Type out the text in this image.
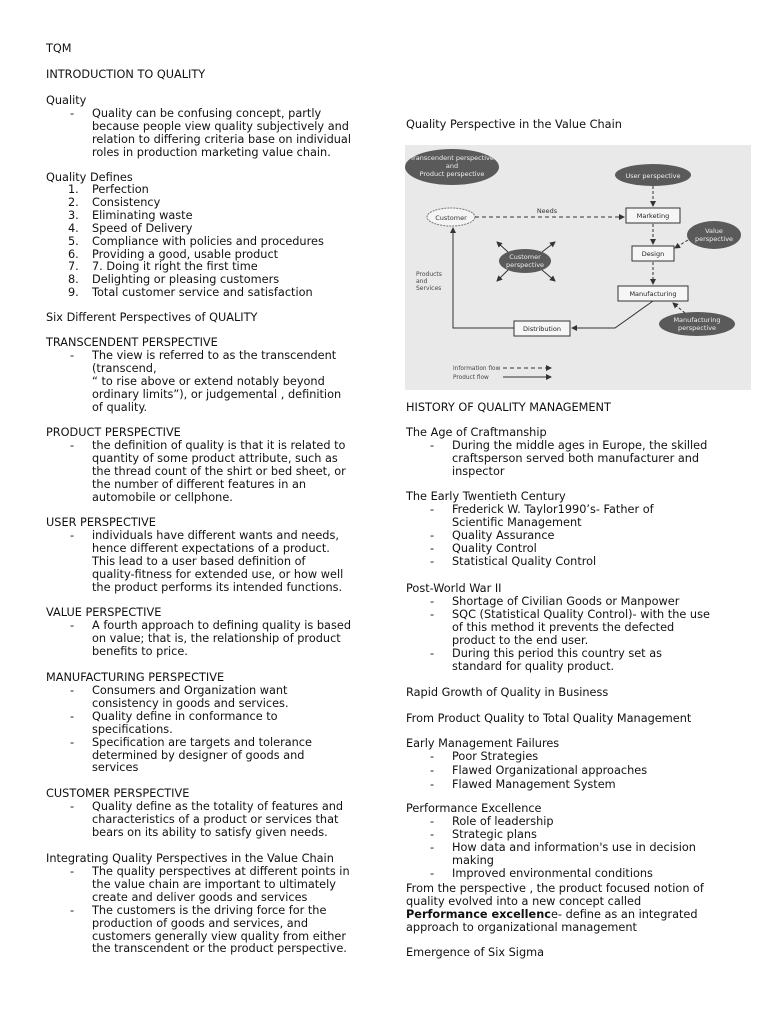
TQM
INTRODUCTION TO QUALITY
Quality
- Quality can be confusing concept, partly
because people view quality subjectively and
relation to differing criteria base on individual
roles in production marketing value chain.
Quality Defines
1. Perfection
2. Consistency
3. Eliminating waste
4. Speed of Delivery
5. Compliance with policies and procedures
6. Providing a good, usable product
7. 7. Doing it right the first time
8. Delighting or pleasing customers
9. Total customer service and satisfaction
Six Different Perspectives of QUALITY
TRANSCENDENT PERSPECTIVE
- The view is referred to as the transcendent
(transcend,
“ to rise above or extend notably beyond
ordinary limits”), or judgemental , definition
of quality.
PRODUCT PERSPECTIVE
- the definition of quality is that it is related to
quantity of some product attribute, such as
the thread count of the shirt or bed sheet, or
the number of different features in an
automobile or cellphone.
USER PERSPECTIVE
- individuals have different wants and needs,
hence different expectations of a product.
This lead to a user based definition of
quality-fitness for extended use, or how well
the product performs its intended functions.
VALUE PERSPECTIVE
- A fourth approach to defining quality is based
on value; that is, the relationship of product
benefits to price.
MANUFACTURING PERSPECTIVE
- Consumers and Organization want
consistency in goods and services.
- Quality define in conformance to
specifications.
- Specification are targets and tolerance
determined by designer of goods and
services
CUSTOMER PERSPECTIVE
- Quality define as the totality of features and
characteristics of a product or services that
bears on its ability to satisfy given needs.
Integrating Quality Perspectives in the Value Chain
- The quality perspectives at different points in
the value chain are important to ultimately
create and deliver goods and services
- The customers is the driving force for the
production of goods and services, and
customers generally view quality from either
the transcendent or the product perspective.
Quality Perspective in the Value Chain
Transcendent perspective
and
Product perspective	User perspective
Customer
Needs
Marketing
Value
perspective
Design
Customer
perspective
Products
and
Services
Manufacturing
Manufacturing
perspective
Distribution
Information flow
Product flow
HISTORY OF QUALITY MANAGEMENT
The Age of Craftmanship
- During the middle ages in Europe, the skilled
craftsperson served both manufacturer and
inspector
The Early Twentieth Century
- Frederick W. Taylor1990’s- Father of
Scientific Management
- Quality Assurance
- Quality Control
- Statistical Quality Control
Post-World War II
- Shortage of Civilian Goods or Manpower
- SQC (Statistical Quality Control)- with the use
of this method it prevents the defected
product to the end user.
- During this period this country set as
standard for quality product.
Rapid Growth of Quality in Business
From Product Quality to Total Quality Management
Early Management Failures
- Poor Strategies
- Flawed Organizational approaches
- Flawed Management System
Performance Excellence
- Role of leadership
- Strategic plans
- How data and information's use in decision
making
- Improved environmental conditions
From the perspective , the product focused notion of
quality evolved into a new concept called
Performance excellence- define as an integrated
approach to organizational management
Emergence of Six Sigma
